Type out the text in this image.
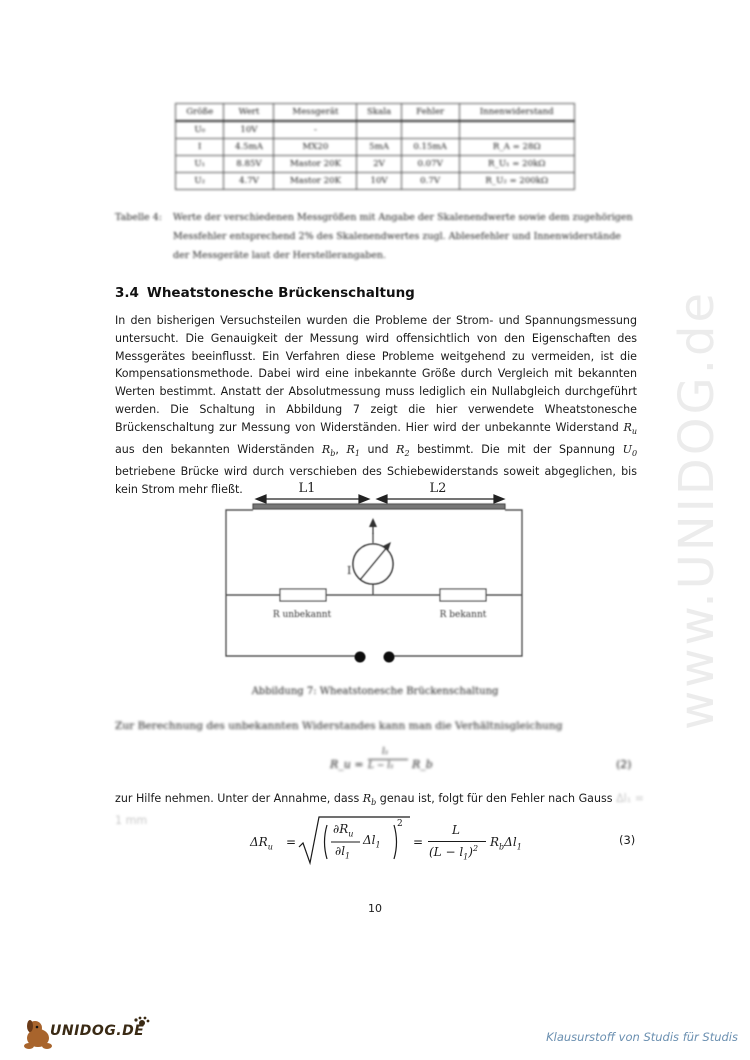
Größe	Wert	Messgerät	Skala	Fehler	Innenwiderstand
U₀	10V	-			
I	4.5mA	MX20	5mA	0.15mA	R_A = 28Ω
U₁	8.85V	Mastor 20K	2V	0.07V	R_U₁ = 20kΩ
U₂	4.7V	Mastor 20K	10V	0.7V	R_U₂ = 200kΩ
Tabelle 4:	Werte der verschiedenen Messgrößen mit Angabe der Skalenendwerte sowie dem zugehörigen Messfehler entsprechend 2% des Skalenendwertes zugl. Ablesefehler und Innenwiderstände der Messgeräte laut der Herstellerangaben.
3.4 Wheatstonesche Brückenschaltung
In den bisherigen Versuchsteilen wurden die Probleme der Strom- und Spannungsmessung untersucht. Die Genauigkeit der Messung wird offensichtlich von den Eigenschaften des Messgerätes beeinflusst. Ein Verfahren diese Probleme weitgehend zu vermeiden, ist die Kompensationsmethode. Dabei wird eine inbekannte Größe durch Vergleich mit bekannten Werten bestimmt. Anstatt der Absolutmessung muss lediglich ein Nullabgleich durchgeführt werden. Die Schaltung in Abbildung 7 zeigt die hier verwendete Wheatstonesche Brückenschaltung zur Messung von Widerständen. Hier wird der unbekannte Widerstand $R_u$ aus den bekannten Widerständen $R_b$, $R_1$ und $R_2$ bestimmt. Die mit der Spannung $U_0$ betriebene Brücke wird durch verschieben des Schiebewiderstands soweit abgeglichen, bis kein Strom mehr fließt.	L1	L2
I
R unbekannt	R bekannt
Abbildung 7: Wheatstonesche Brückenschaltung
Zur Berechnung des unbekannten Widerstandes kann man die Verhältnisgleichung
R_u =
l₁
L − l₁ R_b	(2)
zur Hilfe nehmen. Unter der Annahme, dass $R_b$ genau ist, folgt für den Fehler nach Gauss Δl₁ = 1 mm
$\Delta R_u$ =
$\partial R_u$
$\partial l_1$
$\Delta l_1$
2
=
L
$(L - l_1)^2$ $R_b\Delta l_1$	(3)
10
www.UNIDOG.de
UNIDOG.DE	Klausurstoff von Studis für Studis
